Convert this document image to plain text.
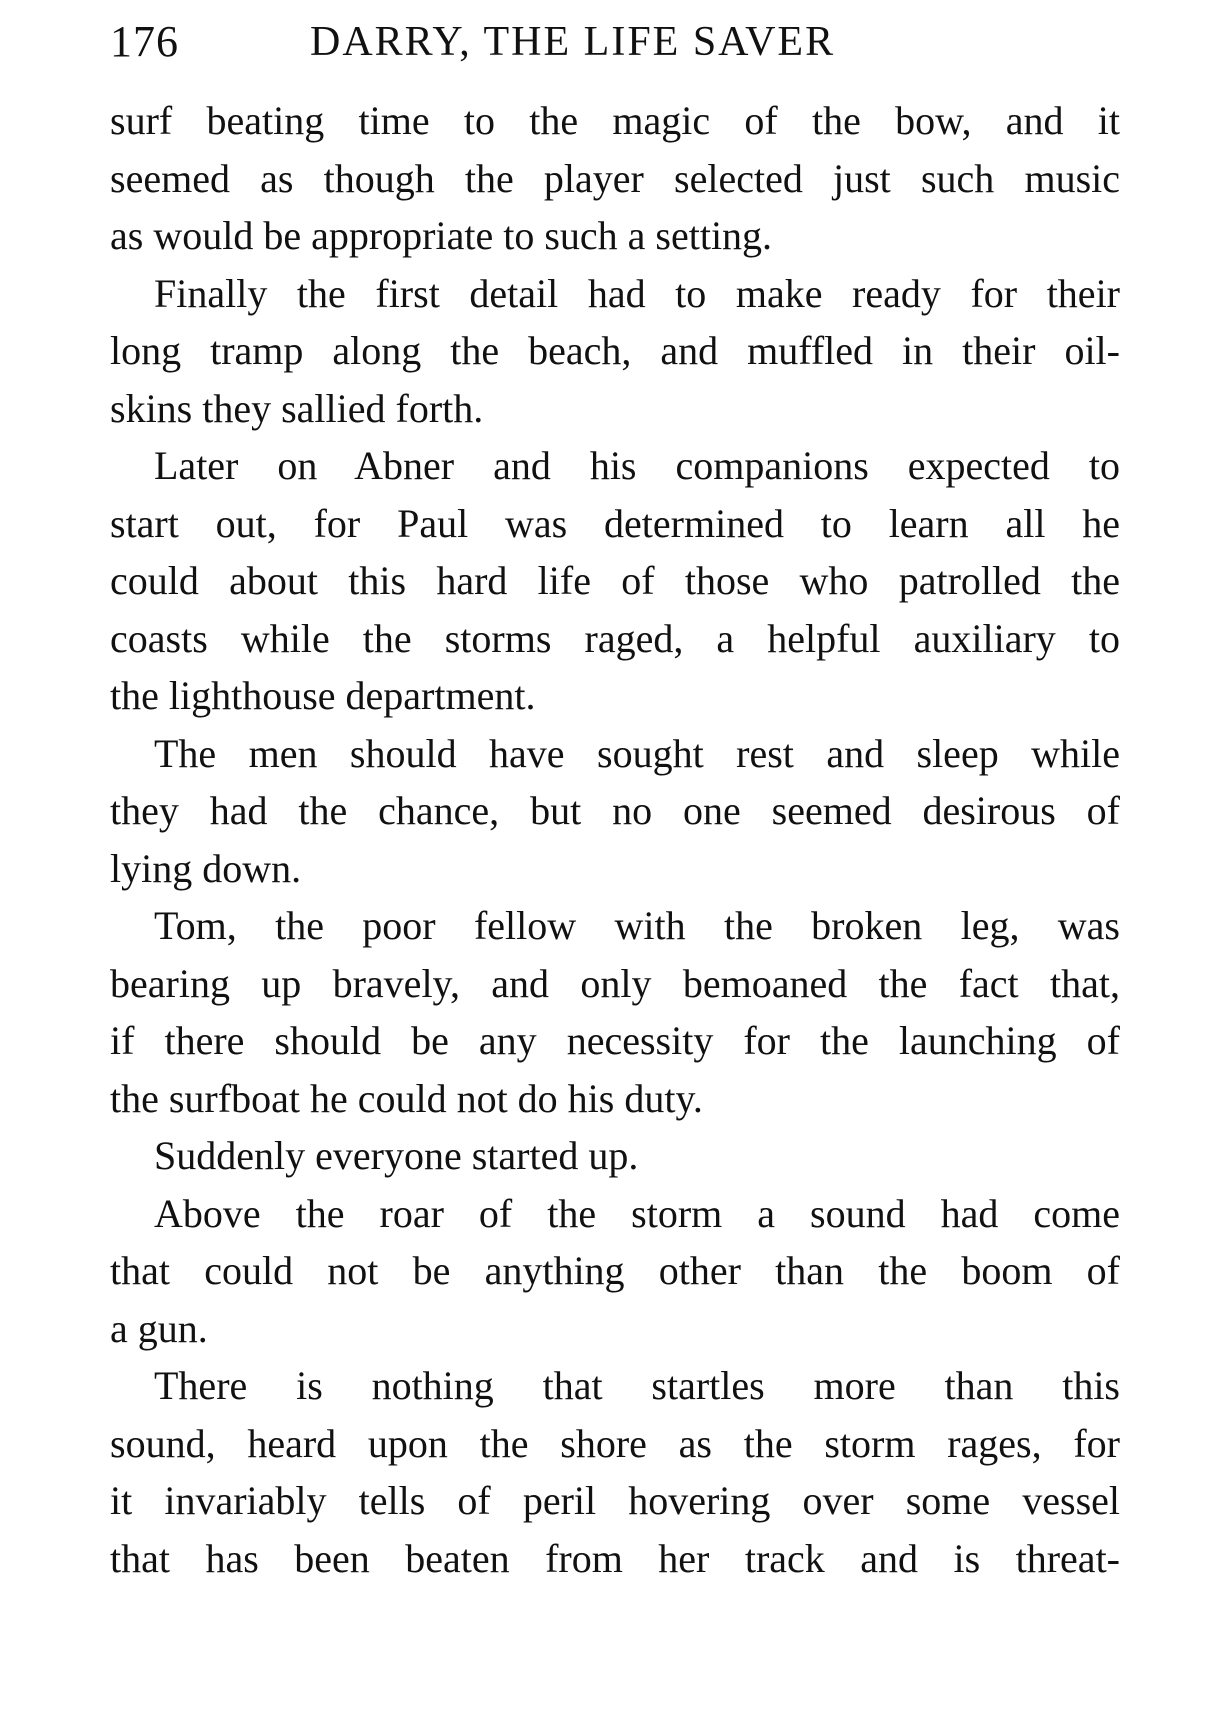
176	DARRY, THE LIFE SAVER
surf beating time to the magic of the bow, and it
seemed as though the player selected just such music
as would be appropriate to such a setting.
Finally the first detail had to make ready for their
long tramp along the beach, and muffled in their oil-
skins they sallied forth.
Later on Abner and his companions expected to
start out, for Paul was determined to learn all he
could about this hard life of those who patrolled the
coasts while the storms raged, a helpful auxiliary to
the lighthouse department.
The men should have sought rest and sleep while
they had the chance, but no one seemed desirous of
lying down.
Tom, the poor fellow with the broken leg, was
bearing up bravely, and only bemoaned the fact that,
if there should be any necessity for the launching of
the surfboat he could not do his duty.
Suddenly everyone started up.
Above the roar of the storm a sound had come
that could not be anything other than the boom of
a gun.
There is nothing that startles more than this
sound, heard upon the shore as the storm rages, for
it invariably tells of peril hovering over some vessel
that has been beaten from her track and is threat-
